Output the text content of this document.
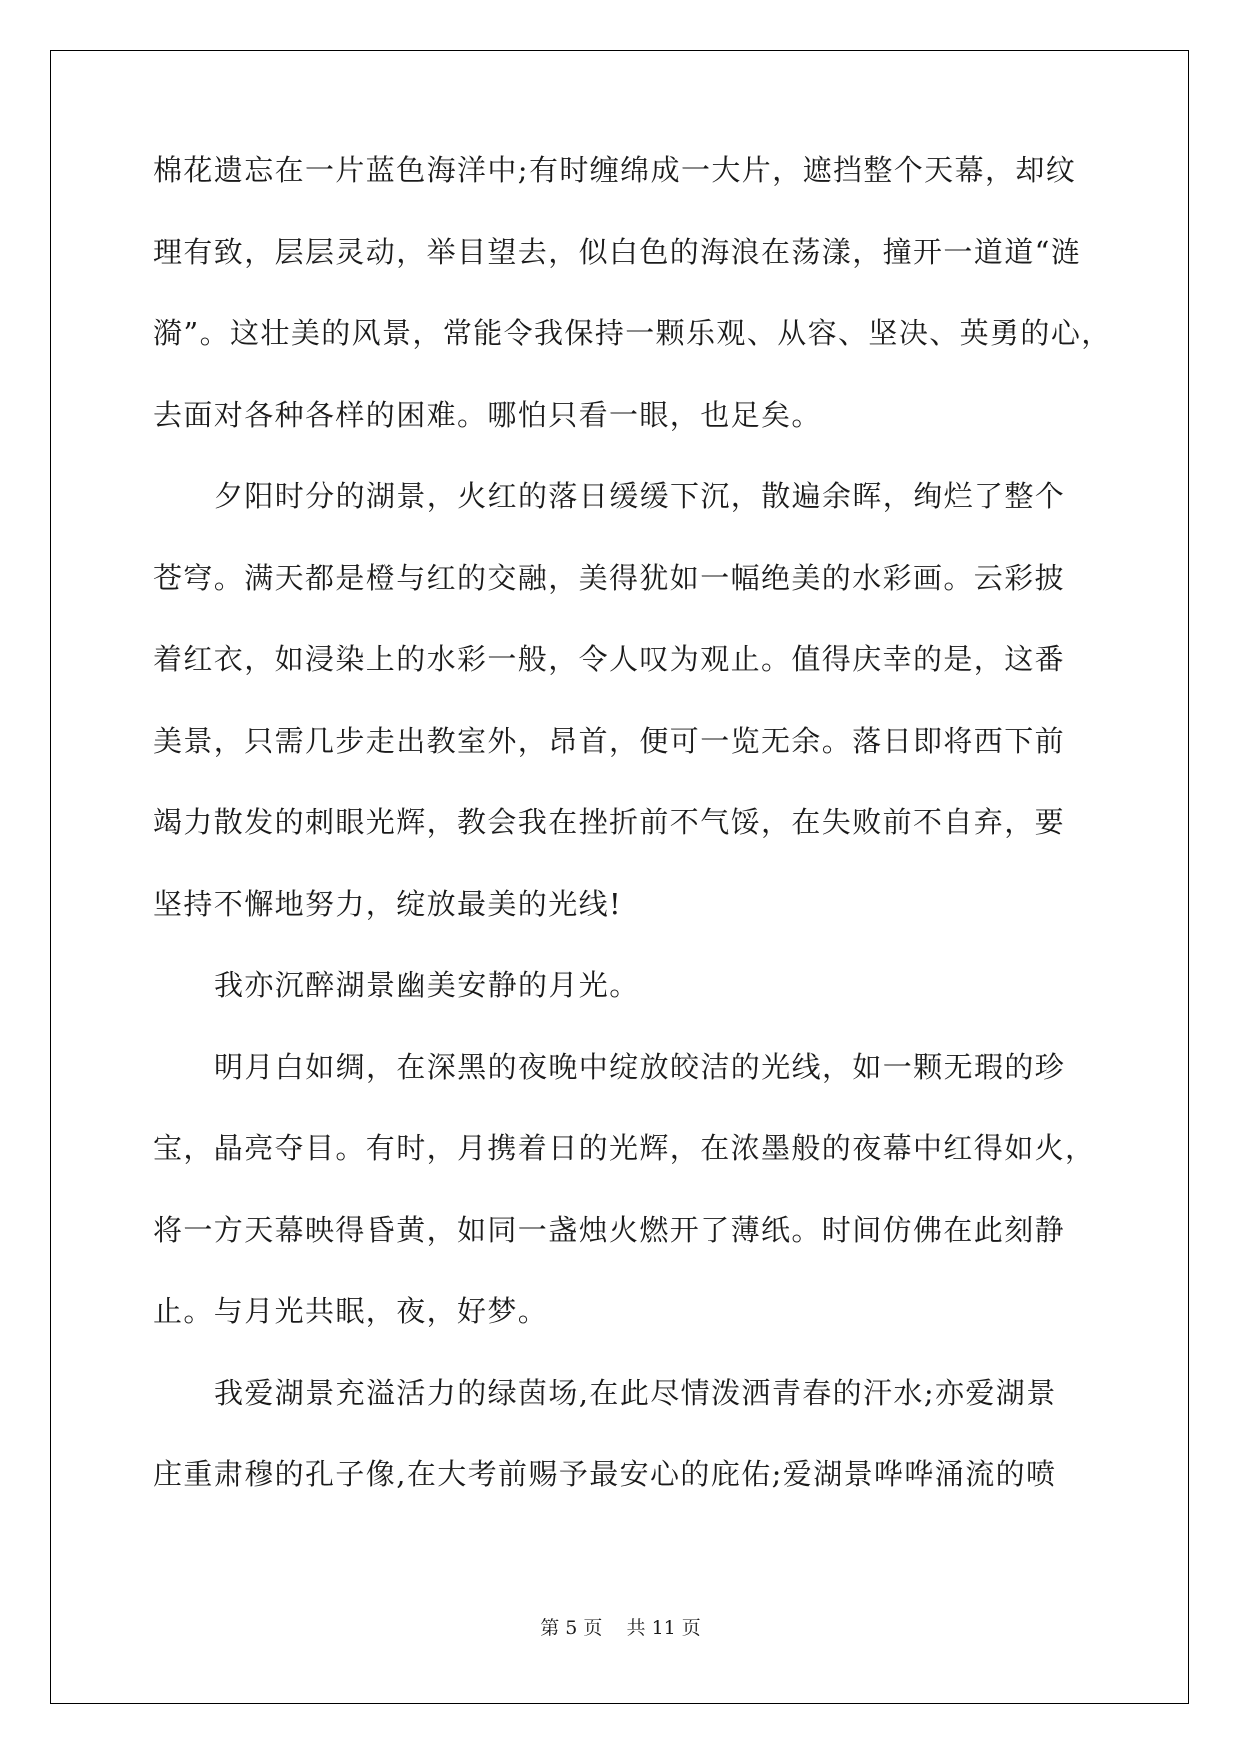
棉花遗忘在一片蓝色海洋中;有时缠绵成一大片，遮挡整个天幕，却纹
理有致，层层灵动，举目望去，似白色的海浪在荡漾，撞开一道道“涟
漪”。这壮美的风景，常能令我保持一颗乐观、从容、坚决、英勇的心，
去面对各种各样的困难。哪怕只看一眼，也足矣。
夕阳时分的湖景，火红的落日缓缓下沉，散遍余晖，绚烂了整个
苍穹。满天都是橙与红的交融，美得犹如一幅绝美的水彩画。云彩披
着红衣，如浸染上的水彩一般，令人叹为观止。值得庆幸的是，这番
美景，只需几步走出教室外，昂首，便可一览无余。落日即将西下前
竭力散发的刺眼光辉，教会我在挫折前不气馁，在失败前不自弃，要
坚持不懈地努力，绽放最美的光线!
我亦沉醉湖景幽美安静的月光。
明月白如绸，在深黑的夜晚中绽放皎洁的光线，如一颗无瑕的珍
宝，晶亮夺目。有时，月携着日的光辉，在浓墨般的夜幕中红得如火，
将一方天幕映得昏黄，如同一盏烛火燃开了薄纸。时间仿佛在此刻静
止。与月光共眠，夜，好梦。
我爱湖景充溢活力的绿茵场,在此尽情泼洒青春的汗水;亦爱湖景
庄重肃穆的孔子像,在大考前赐予最安心的庇佑;爱湖景哗哗涌流的喷
第 5 页    共 11 页
